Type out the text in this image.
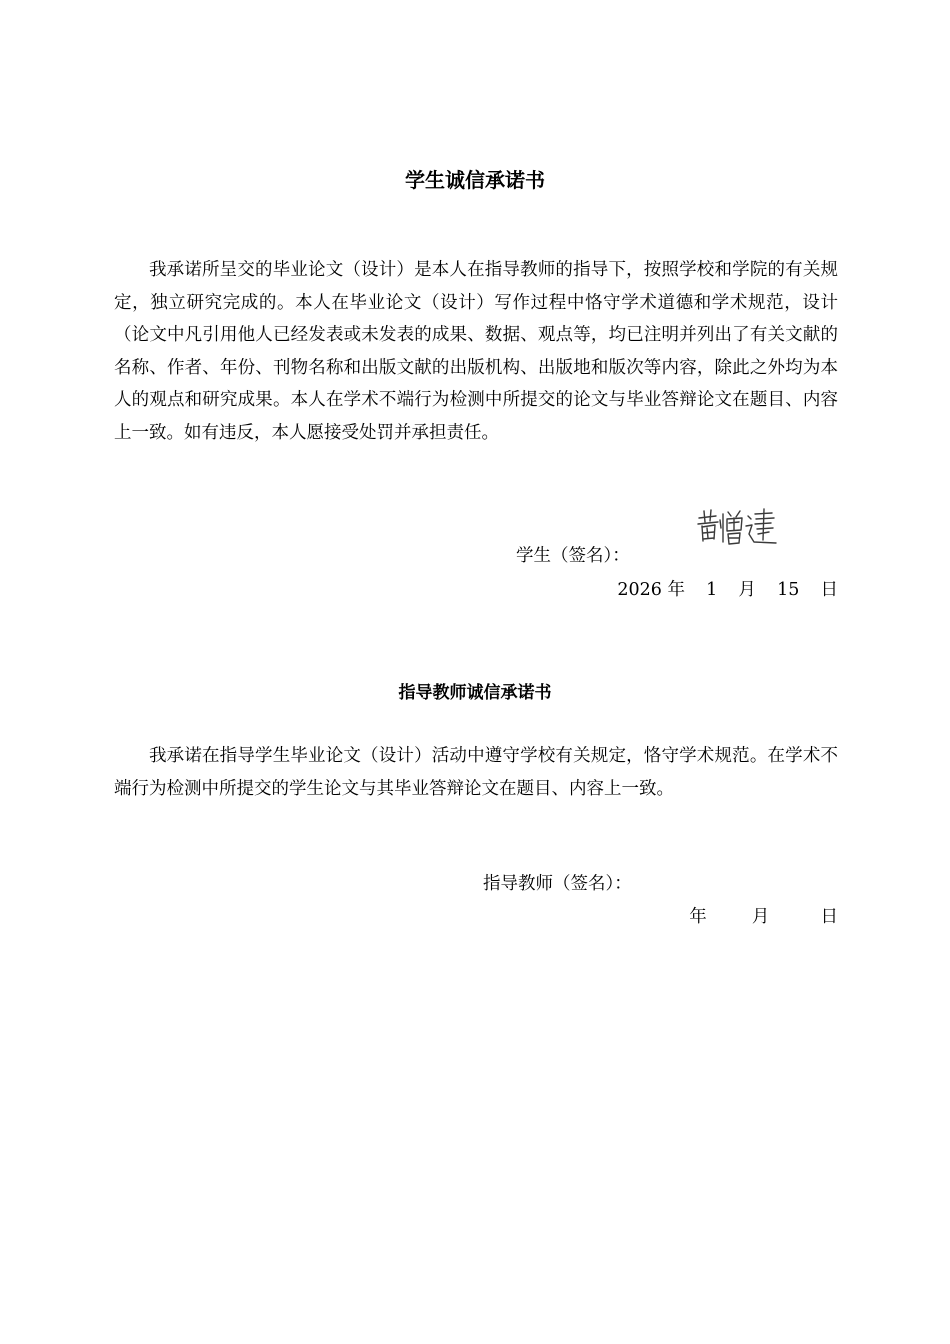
学生诚信承诺书

我承诺所呈交的毕业论文（设计）是本人在指导教师的指导下，按照学校和学院的有关规定，独立研究完成的。本人在毕业论文（设计）写作过程中恪守学术道德和学术规范，设计（论文中凡引用他人已经发表或未发表的成果、数据、观点等，均已注明并列出了有关文献的名称、作者、年份、刊物名称和出版文献的出版机构、出版地和版次等内容，除此之外均为本人的观点和研究成果。本人在学术不端行为检测中所提交的论文与毕业答辩论文在题目、内容上一致。如有违反，本人愿接受处罚并承担责任。

学生（签名）：
2026 年 1 月 15 日
指导教师诚信承诺书

我承诺在指导学生毕业论文（设计）活动中遵守学校有关规定，恪守学术规范。在学术不端行为检测中所提交的学生论文与其毕业答辩论文在题目、内容上一致。

指导教师（签名）：
年	月	日
